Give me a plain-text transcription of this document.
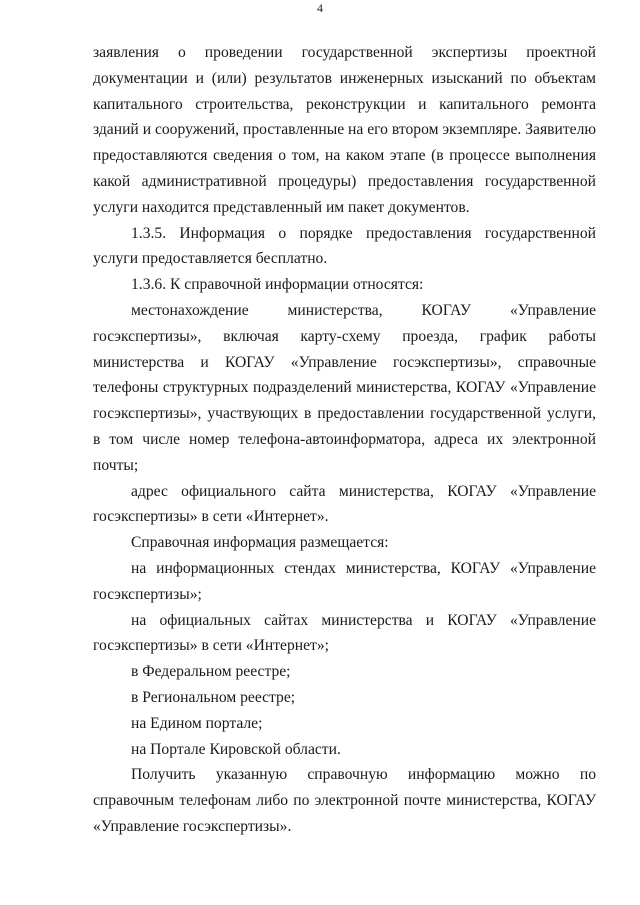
4

заявления о проведении государственной экспертизы проектной документации и (или) результатов инженерных изысканий по объектам капитального строительства, реконструкции и капитального ремонта зданий и сооружений, проставленные на его втором экземпляре. Заявителю предоставляются сведения о том, на каком этапе (в процессе выполнения какой административной процедуры) предоставления государственной услуги находится представленный им пакет документов.

1.3.5. Информация о порядке предоставления государственной услуги предоставляется бесплатно.

1.3.6. К справочной информации относятся:

местонахождение министерства, КОГАУ «Управление госэкспертизы», включая карту-схему проезда, график работы министерства и КОГАУ «Управление госэкспертизы», справочные телефоны структурных подразделений министерства, КОГАУ «Управление госэкспертизы», участвующих в предоставлении государственной услуги, в том числе номер телефона-автоинформатора, адреса их электронной почты;

адрес официального сайта министерства, КОГАУ «Управление госэкспертизы» в сети «Интернет».

Справочная информация размещается:

на информационных стендах министерства, КОГАУ «Управление госэкспертизы»;

на официальных сайтах министерства и КОГАУ «Управление госэкспертизы» в сети «Интернет»;

в Федеральном реестре;

в Региональном реестре;

на Едином портале;

на Портале Кировской области.

Получить указанную справочную информацию можно по справочным телефонам либо по электронной почте министерства, КОГАУ «Управление госэкспертизы».
